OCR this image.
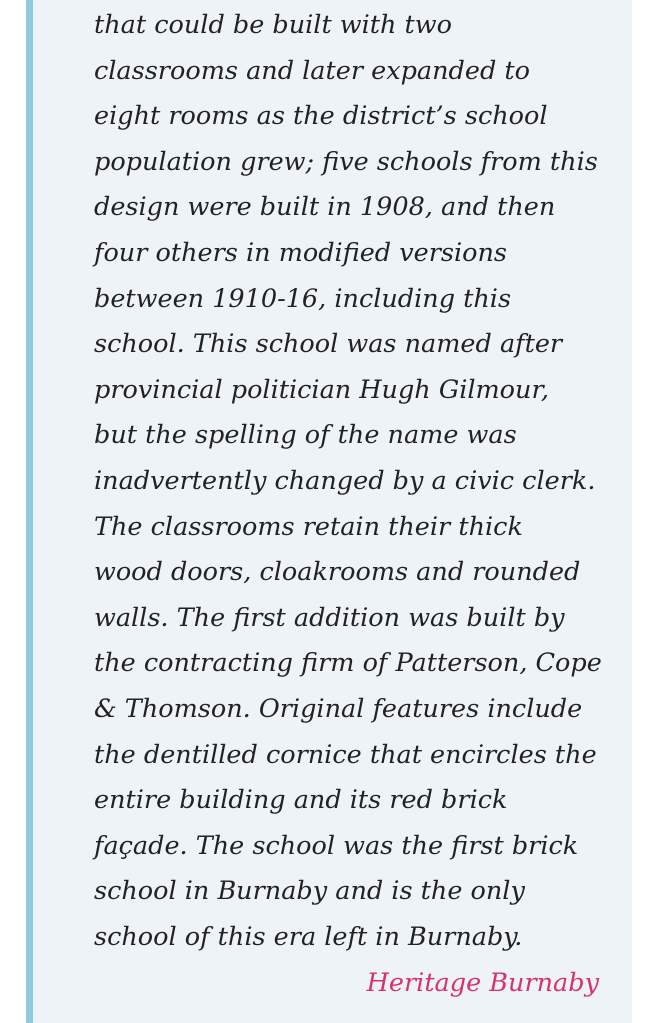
that could be built with two
classrooms and later expanded to
eight rooms as the district’s school
population grew; five schools from this
design were built in 1908, and then
four others in modified versions
between 1910-16, including this
school. This school was named after
provincial politician Hugh Gilmour,
but the spelling of the name was
inadvertently changed by a civic clerk.
The classrooms retain their thick
wood doors, cloakrooms and rounded
walls. The first addition was built by
the contracting firm of Patterson, Cope
& Thomson. Original features include
the dentilled cornice that encircles the
entire building and its red brick
façade. The school was the first brick
school in Burnaby and is the only
school of this era left in Burnaby.

Heritage Burnaby
